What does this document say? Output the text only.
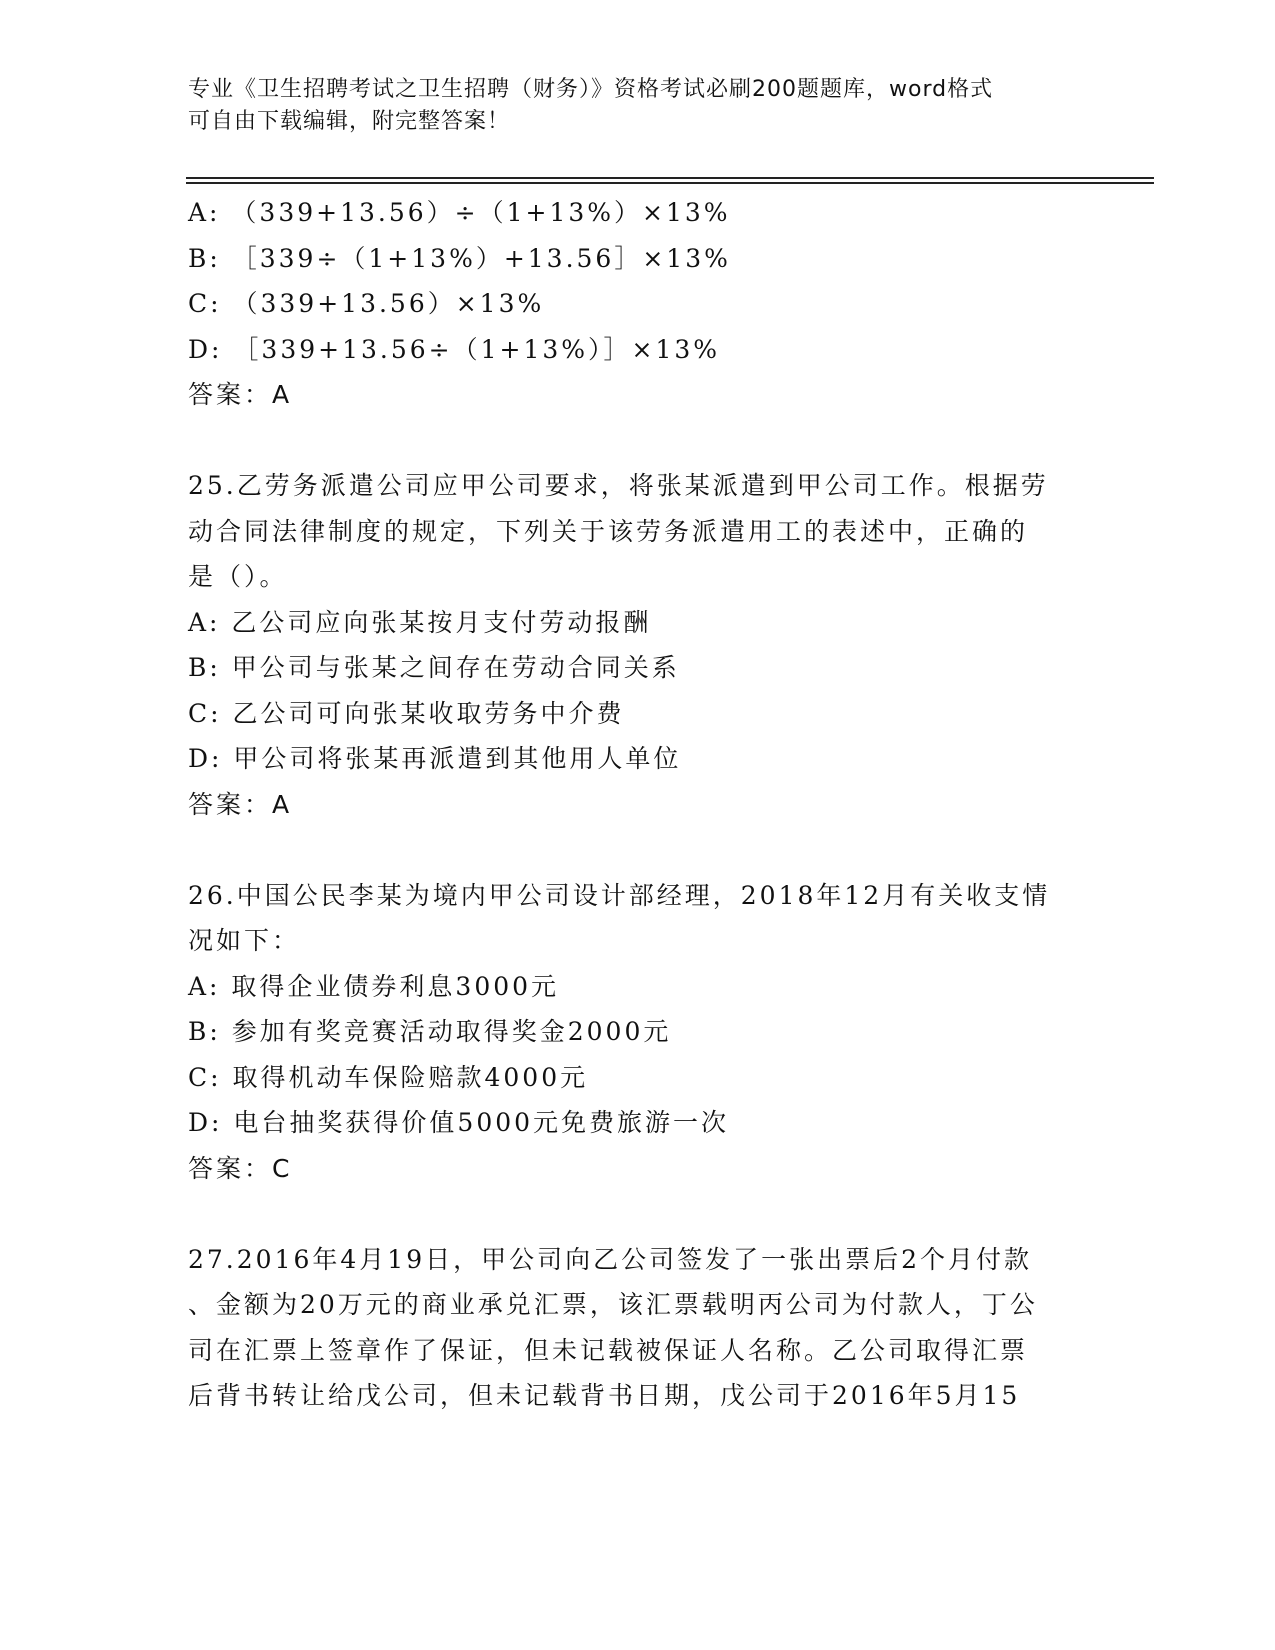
专业《卫生招聘考试之卫生招聘（财务）》资格考试必刷200题题库，word格式
可自由下载编辑，附完整答案！
A: （339+13.56）÷（1+13%）×13%
B: ［339÷（1+13%）+13.56］×13%
C: （339+13.56）×13%
D: ［339+13.56÷（1+13%）］×13%
答案：A
25.乙劳务派遣公司应甲公司要求，将张某派遣到甲公司工作。根据劳
动合同法律制度的规定，下列关于该劳务派遣用工的表述中，正确的
是（）。
A: 乙公司应向张某按月支付劳动报酬
B: 甲公司与张某之间存在劳动合同关系
C: 乙公司可向张某收取劳务中介费
D: 甲公司将张某再派遣到其他用人单位
答案：A
26.中国公民李某为境内甲公司设计部经理，2018年12月有关收支情
况如下：
A: 取得企业债券利息3000元
B: 参加有奖竞赛活动取得奖金2000元
C: 取得机动车保险赔款4000元
D: 电台抽奖获得价值5000元免费旅游一次
答案：C
27.2016年4月19日，甲公司向乙公司签发了一张出票后2个月付款
、金额为20万元的商业承兑汇票，该汇票载明丙公司为付款人，丁公
司在汇票上签章作了保证，但未记载被保证人名称。乙公司取得汇票
后背书转让给戊公司，但未记载背书日期，戊公司于2016年5月15
